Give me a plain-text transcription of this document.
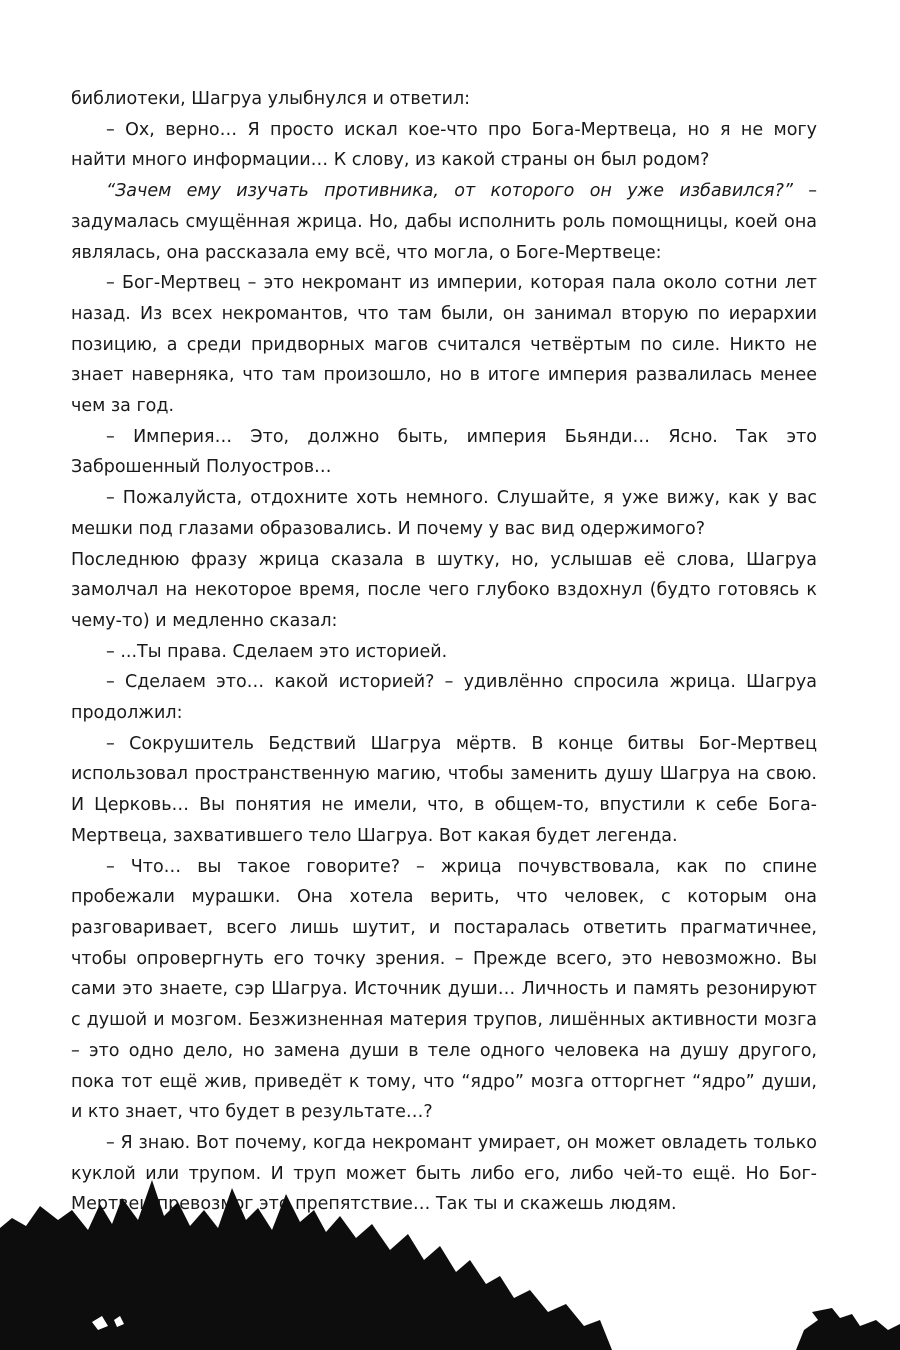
библиотеки, Шагруа улыбнулся и ответил:

– Ох, верно… Я просто искал кое-что про Бога-Мертвеца, но я не могу найти много информации… К слову, из какой страны он был родом?

“Зачем ему изучать противника, от которого он уже избавился?” – задумалась смущённая жрица. Но, дабы исполнить роль помощницы, коей она являлась, она рассказала ему всё, что могла, о Боге-Мертвеце:

– Бог-Мертвец – это некромант из империи, которая пала около сотни лет назад. Из всех некромантов, что там были, он занимал вторую по иерархии позицию, а среди придворных магов считался четвёртым по силе. Никто не знает наверняка, что там произошло, но в итоге империя развалилась менее чем за год.

– Империя… Это, должно быть, империя Бьянди… Ясно. Так это Заброшенный Полуостров…

– Пожалуйста, отдохните хоть немного. Слушайте, я уже вижу, как у вас мешки под глазами образовались. И почему у вас вид одержимого?

Последнюю фразу жрица сказала в шутку, но, услышав её слова, Шагруа замолчал на некоторое время, после чего глубоко вздохнул (будто готовясь к чему-то) и медленно сказал:

– ...Ты права. Сделаем это историей.

– Сделаем это… какой историей? – удивлённо спросила жрица. Шагруа продолжил:

– Сокрушитель Бедствий Шагруа мёртв. В конце битвы Бог-Мертвец использовал пространственную магию, чтобы заменить душу Шагруа на свою. И Церковь… Вы понятия не имели, что, в общем-то, впустили к себе Бога-Мертвеца, захватившего тело Шагруа. Вот какая будет легенда.

– Что… вы такое говорите? – жрица почувствовала, как по спине пробежали мурашки. Она хотела верить, что человек, с которым она разговаривает, всего лишь шутит, и постаралась ответить прагматичнее, чтобы опровергнуть его точку зрения. – Прежде всего, это невозможно. Вы сами это знаете, сэр Шагруа. Источник души… Личность и память резонируют с душой и мозгом. Безжизненная материя трупов, лишённых активности мозга – это одно дело, но замена души в теле одного человека на душу другого, пока тот ещё жив, приведёт к тому, что “ядро” мозга отторгнет “ядро” души, и кто знает, что будет в результате…?

– Я знаю. Вот почему, когда некромант умирает, он может овладеть только куклой или трупом. И труп может быть либо его, либо чей-то ещё. Но Бог-Мертвец превозмог это препятствие… Так ты и скажешь людям.
